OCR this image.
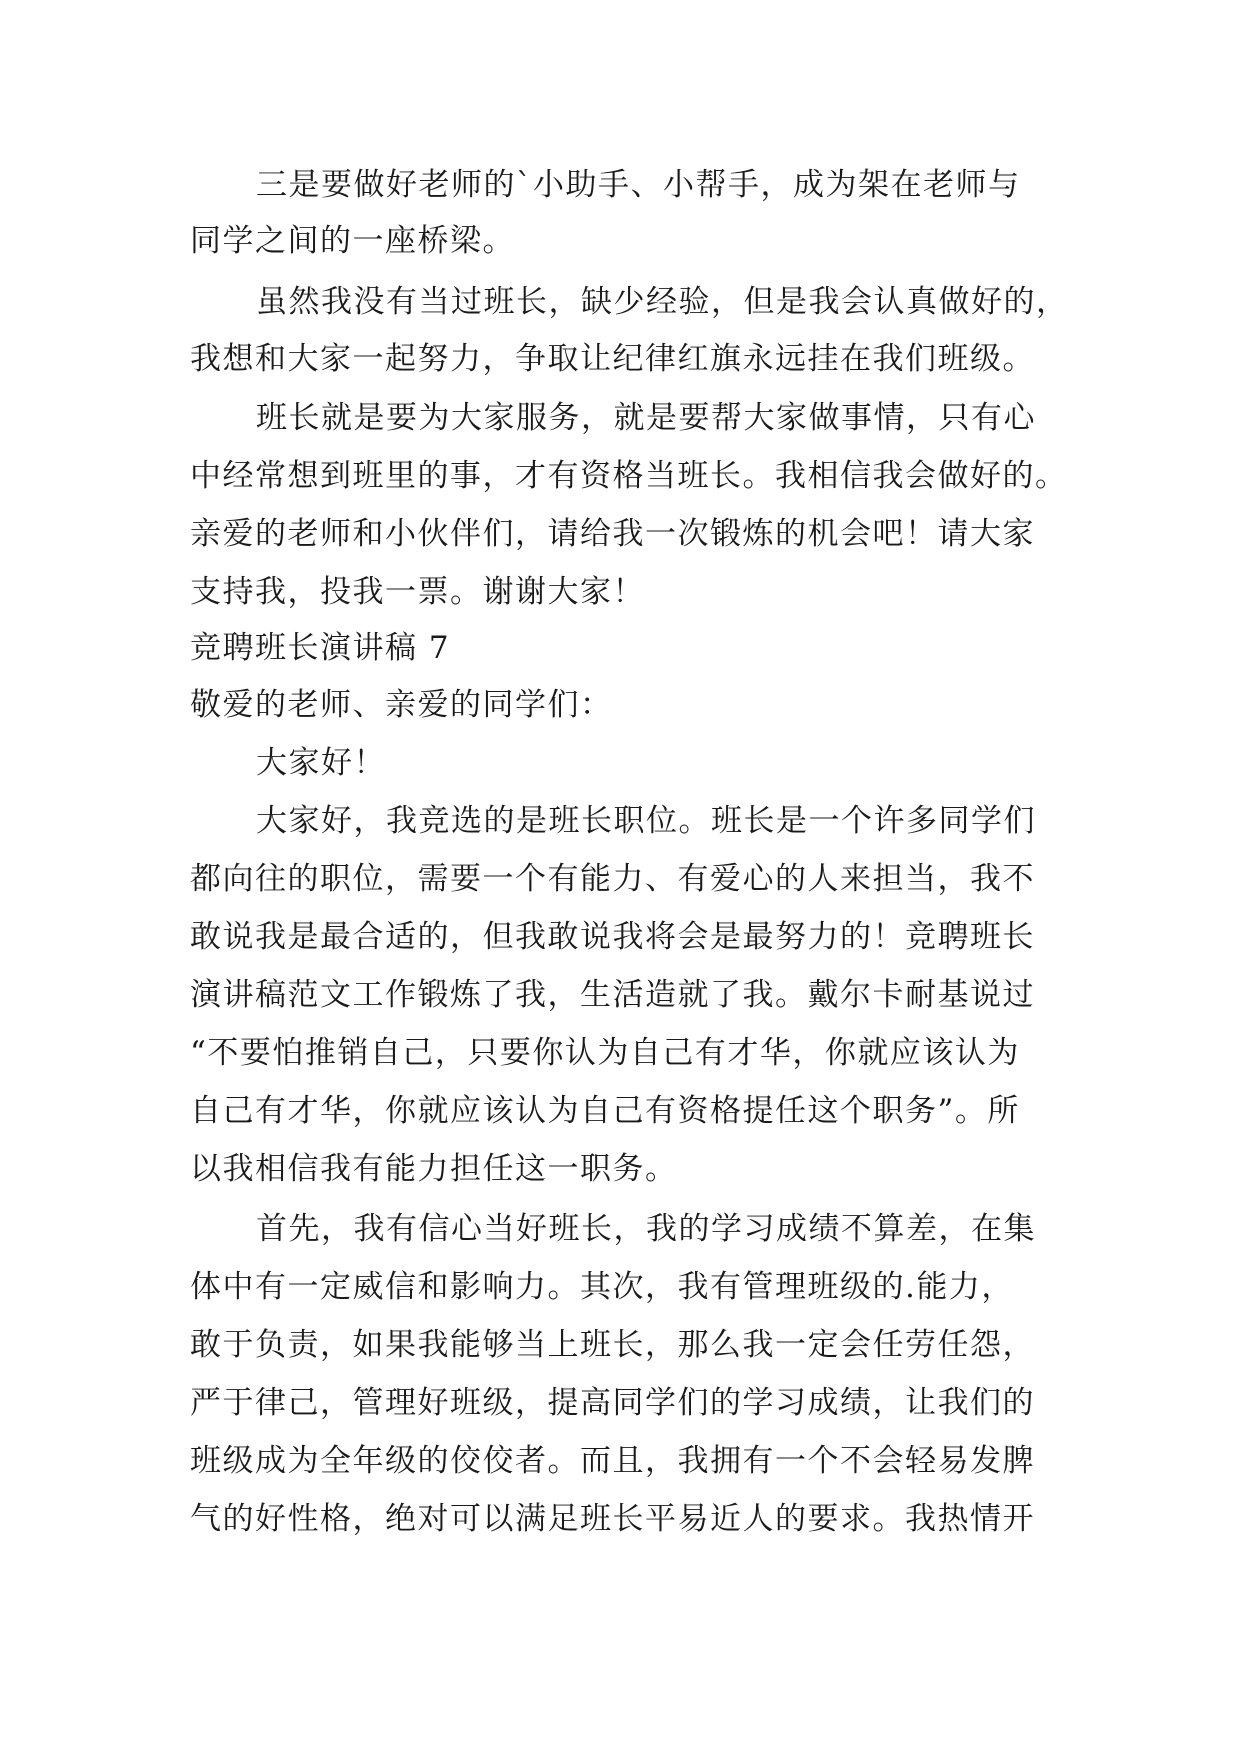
三是要做好老师的`小助手、小帮手，成为架在老师与
同学之间的一座桥梁。
虽然我没有当过班长，缺少经验，但是我会认真做好的，
我想和大家一起努力，争取让纪律红旗永远挂在我们班级。
班长就是要为大家服务，就是要帮大家做事情，只有心
中经常想到班里的事，才有资格当班长。我相信我会做好的。
亲爱的老师和小伙伴们，请给我一次锻炼的机会吧！请大家
支持我，投我一票。谢谢大家！
竞聘班长演讲稿 7
敬爱的老师、亲爱的同学们：
大家好！
大家好，我竞选的是班长职位。班长是一个许多同学们
都向往的职位，需要一个有能力、有爱心的人来担当，我不
敢说我是最合适的，但我敢说我将会是最努力的！竞聘班长
演讲稿范文工作锻炼了我，生活造就了我。戴尔卡耐基说过
“不要怕推销自己，只要你认为自己有才华，你就应该认为
自己有才华，你就应该认为自己有资格提任这个职务”。所
以我相信我有能力担任这一职务。
首先，我有信心当好班长，我的学习成绩不算差，在集
体中有一定威信和影响力。其次，我有管理班级的.能力，
敢于负责，如果我能够当上班长，那么我一定会任劳任怨，
严于律己，管理好班级，提高同学们的学习成绩，让我们的
班级成为全年级的佼佼者。而且，我拥有一个不会轻易发脾
气的好性格，绝对可以满足班长平易近人的要求。我热情开
